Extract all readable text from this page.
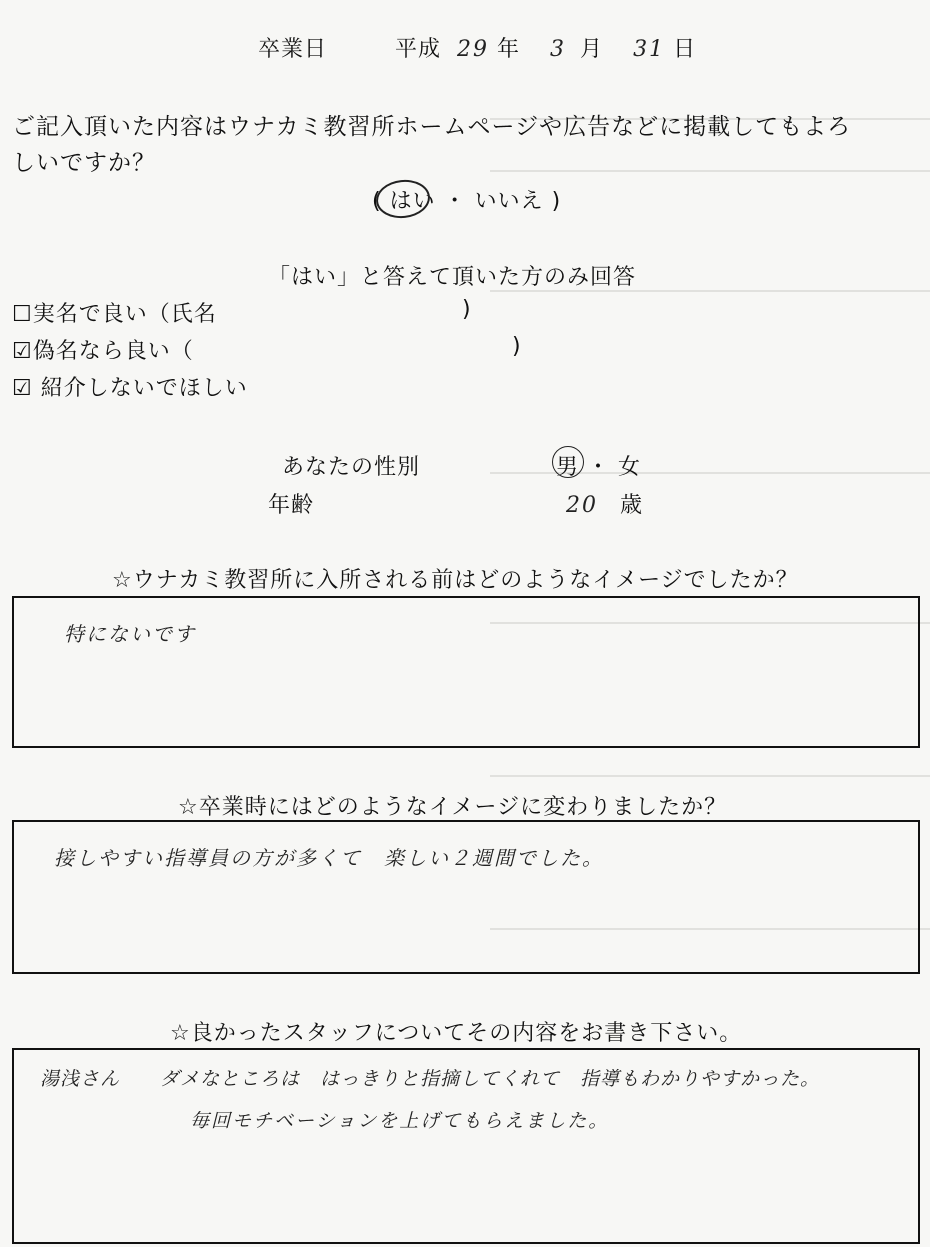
卒業日	平成 29 年 3 月 31 日
ご記入頂いた内容はウナカミ教習所ホームページや広告などに掲載してもよろ
しいですか？
( はい ・ いいえ )
「はい」と答えて頂いた方のみ回答
☐実名で良い（氏名	)
☑偽名なら良い（	)
☑ 紹介しないでほしい
あなたの性別	男 ・ 女
年齢	20 歳
☆ウナカミ教習所に入所される前はどのようなイメージでしたか？
特にないです
☆卒業時にはどのようなイメージに変わりましたか？
接しやすい指導員の方が多くて　楽しい２週間でした。
☆良かったスタッフについてその内容をお書き下さい。
湯浅さん　　ダメなところは　はっきりと指摘してくれて　指導もわかりやすかった。
毎回モチベーションを上げてもらえました。
